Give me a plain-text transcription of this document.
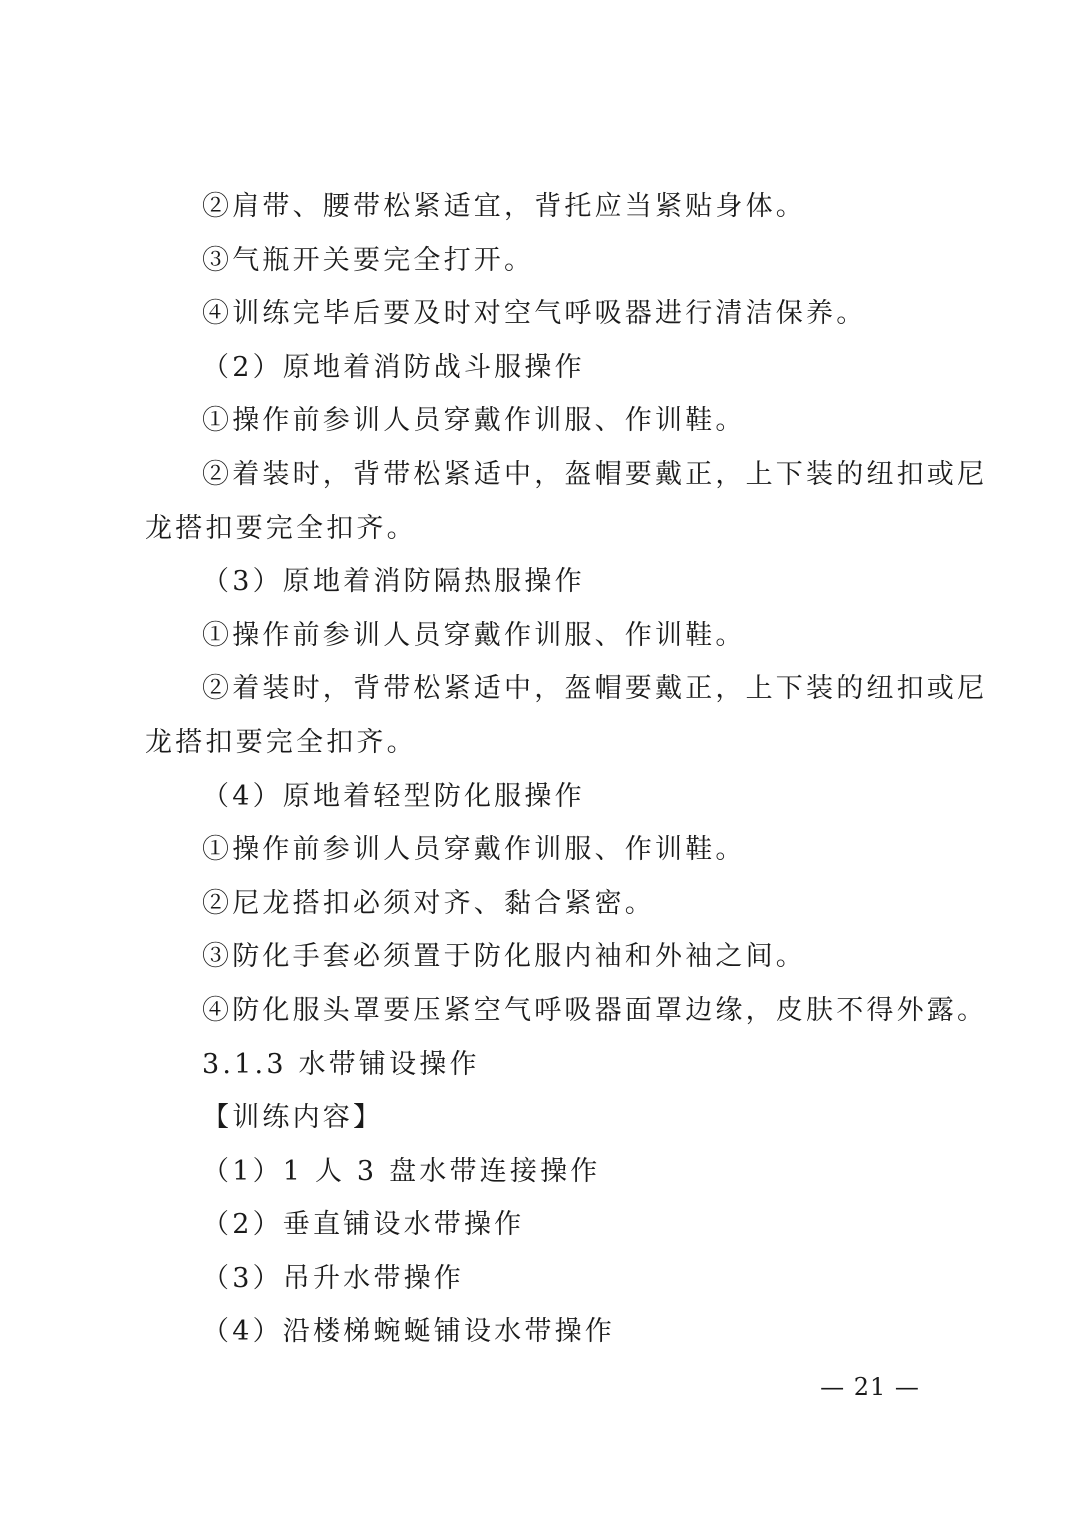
②肩带、腰带松紧适宜，背托应当紧贴身体。
③气瓶开关要完全打开。
④训练完毕后要及时对空气呼吸器进行清洁保养。
（2）原地着消防战斗服操作
①操作前参训人员穿戴作训服、作训鞋。
②着装时，背带松紧适中，盔帽要戴正，上下装的纽扣或尼
龙搭扣要完全扣齐。
（3）原地着消防隔热服操作
①操作前参训人员穿戴作训服、作训鞋。
②着装时，背带松紧适中，盔帽要戴正，上下装的纽扣或尼
龙搭扣要完全扣齐。
（4）原地着轻型防化服操作
①操作前参训人员穿戴作训服、作训鞋。
②尼龙搭扣必须对齐、黏合紧密。
③防化手套必须置于防化服内袖和外袖之间。
④防化服头罩要压紧空气呼吸器面罩边缘，皮肤不得外露。
3.1.3 水带铺设操作
【训练内容】
（1）1 人 3 盘水带连接操作
（2）垂直铺设水带操作
（3）吊升水带操作
（4）沿楼梯蜿蜒铺设水带操作
— 21 —
